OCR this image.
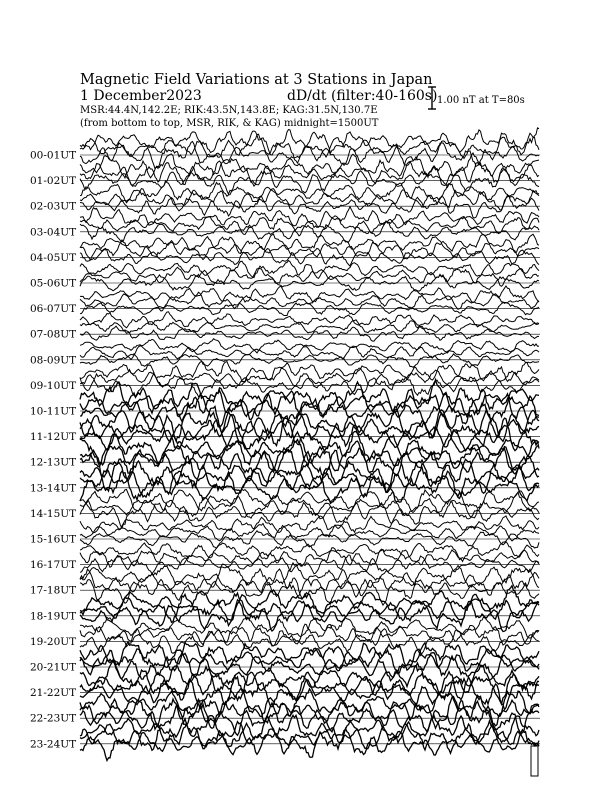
Magnetic Field Variations at 3 Stations in Japan
1 December2023	dD/dt (filter:40-160s)
MSR:44.4N,142.2E; RIK:43.5N,143.8E; KAG:31.5N,130.7E
(from bottom to top, MSR, RIK, & KAG) midnight=1500UT
1.00 nT at T=80s
00-01UT
01-02UT
02-03UT
03-04UT
04-05UT
05-06UT
06-07UT
07-08UT
08-09UT
09-10UT
10-11UT
11-12UT
12-13UT
13-14UT
14-15UT
15-16UT
16-17UT
17-18UT
18-19UT
19-20UT
20-21UT
21-22UT
22-23UT
23-24UT
